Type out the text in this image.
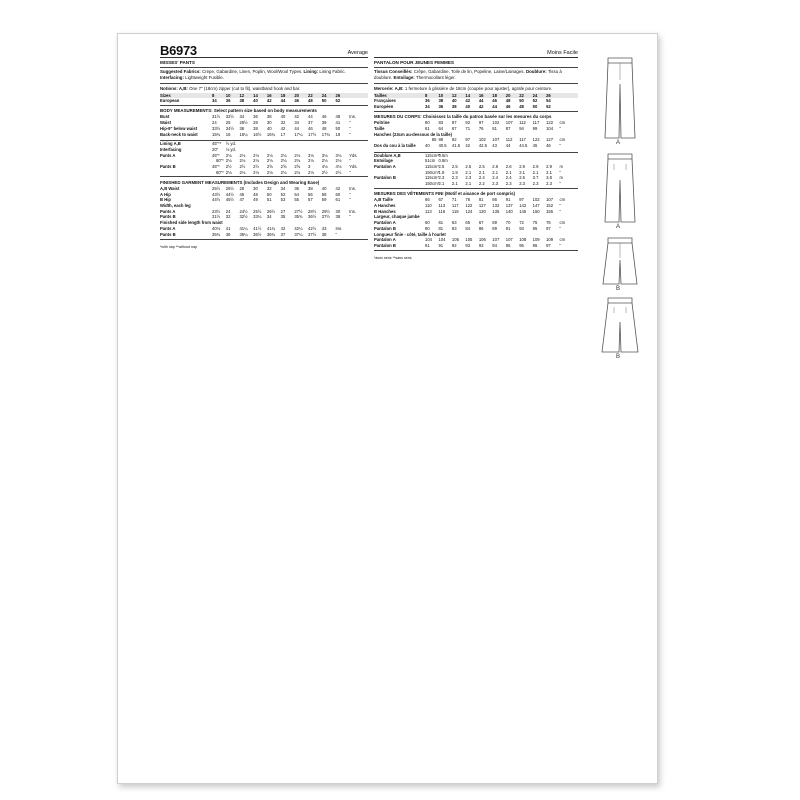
B6973	Average
MISSES' PANTS
Suggested Fabrics: Crepe, Gabardine, Linen, Poplin, Wool/Wool Types. Lining: Lining Fabric.
Interfacing: Lightweight Fusible.
Notions: A,B: One 7" (18cm) zipper (cut to fit), waistband hook and bar.
Sizes	8	10	12	14	16	18	20	22	24	26	
European	34	36	38	40	42	44	46	48	50	52	
BODY MEASUREMENTS: Select pattern size based on body measurements
Bust	31½	32½	34	36	38	40	42	44	46	48	Ins.
Waist	24	25	26½	28	30	32	34	37	39	41	"
Hip-9" below waist	33½	34½	36	38	40	42	44	46	48	50	"
Back-neck to waist	15¾	16	16¼	16½	16¾	17	17¼	17½	17¾	18	"
Lining A,B	45"**	½ yd.									
Interfacing	20"	⅛ yd.									
Pants A	45"*	2⅛	2⅛	2⅛	2⅛	2⅛	2⅛	3⅛	3⅛	3⅛	Yds.
	60"*	2⅛	2⅛	2⅛	2⅛	2⅛	2⅛	2⅛	2⅛	2⅛	"
Pants B	45"*	2½	2½	2½	2⅝	2⅝	2⅝	3	4⅛	4⅛	Yds.
	60"*	2⅛	2⅛	2⅛	2⅛	2⅛	2⅛	2⅛	2½	2½	"
FINISHED GARMENT MEASUREMENTS (Includes Design and Wearing Ease)
A,B Waist	25½	26½	28	30	32	34	36	38	40	42	Ins.
A Hip	43½	44½	46	48	50	52	54	56	58	60	"
B Hip	44½	45½	47	49	51	53	55	57	59	61	"
Width, each leg											
Pants A	23½	24	24½	25½	26½	27	27½	28½	29½	30	Ins.
Pants B	31½	32	32½	33¼	34	35	35¾	36½	37½	38	"
Finished side length from waist											
Pants A	40⅛	41	41¼	41½	41¾	42	42¼	42½	43	Ins.	
Pants B	35¾	36	36¼	36½	36¾	37	37¼	37½	38	"	
*with nap **without nap
Moins Facile
PANTALON POUR JEUNES FEMMES
Tissus Conseillés: Crêpe, Gabardine, Toile de lin, Popeline, Laine/Lainages. Doublure: Tissu à doublure. Entoilage: Thermocollant léger.
Mercerie: A,B: 1 fermeture à glissière de 18cm (coupée pour ajuster), agrafe pour ceinture.
Tailles	8	10	12	14	16	18	20	22	24	26	
Françaises	36	38	40	42	44	46	48	50	52	54	
Européen	34	36	38	40	42	44	46	48	50	52	
MESURES DU CORPS: Choisissez la taille du patron basée sur les mesures du corps
Poitrine	80	83	87	92	97	102	107	112	117	122	cm
Taille	61	64	67	71	76	81	87	94	99	104	"
Hanches (23cm au-dessous de la taille)											
	85	88	92	97	102	107	112	117	122	127	cm
Dos du cou à la taille	40	40.5	41.5	42	42.5	43	44	44.5	45	46	"
Doublure A,B	115cm**	0.5m									
Entoilage	51cm	0.8m									
Pantalon A	115cm*	2.5	2.5	2.5	2.5	2.6	2.6	2.9	2.9	2.9	m
	150cm*	1.9	1.9	2.1	2.1	2.1	2.1	2.1	2.1	2.1	"
Pantalon B	115cm*	2.3	2.3	2.3	2.4	2.4	2.4	2.5	3.7	3.8	m
	150cm*	2.1	2.1	2.1	2.2	2.3	2.3	2.3	2.3	2.3	"
MESURES DES VÊTEMENTS FINI (Motif et aisance de port compris)
A,B Taille	66	67	71	76	81	86	91	97	102	107	cm
A Hanches	110	113	117	122	127	132	137	142	147	152	"
B Hanches	113	116	119	124	130	135	140	145	150	155	"
Largeur, chaque jambe											
Pantalon A	60	61	63	65	67	69	70	72	75	76	cm
Pantalon B	80	81	83	84	86	89	91	93	95	97	"
Longueur finie - côté, taille à l'ourlet											
Pantalon A	104	104	105	105	106	107	107	108	109	109	cm
Pantalon B	91	91	92	93	93	94	95	95	96	97	"
*avec sens **sans sens
A
A
B
B
